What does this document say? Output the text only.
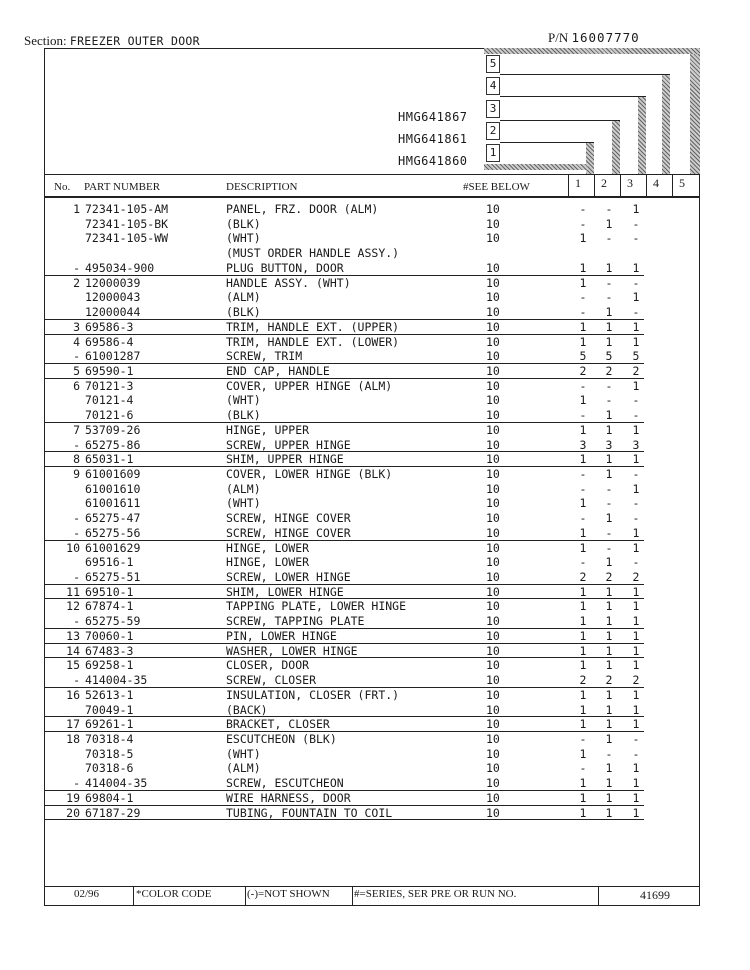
Section: FREEZER OUTER DOOR	P/N 16007770
5
4
3
2
1
HMG641867
HMG641861
HMG641860
No. PART NUMBER	DESCRIPTION	#SEE BELOW	1 2 3 4 5
1 72341-105-AM	PANEL, FRZ. DOOR (ALM)	10	-	-	1
72341-105-BK	(BLK)	10	-	1	-
72341-105-WW	(WHT)	10	1	-	-
(MUST ORDER HANDLE ASSY.)
- 495034-900	PLUG BUTTON, DOOR	10	1	1	1
2 12000039	HANDLE ASSY. (WHT)	10	1	-	-
12000043	(ALM)	10	-	-	1
12000044	(BLK)	10	-	1	-
3 69586-3	TRIM, HANDLE EXT. (UPPER)	10	1	1	1
4 69586-4	TRIM, HANDLE EXT. (LOWER)	10	1	1	1
- 61001287	SCREW, TRIM	10	5	5	5
5 69590-1	END CAP, HANDLE	10	2	2	2
6 70121-3	COVER, UPPER HINGE (ALM)	10	-	-	1
70121-4	(WHT)	10	1	-	-
70121-6	(BLK)	10	-	1	-
7 53709-26	HINGE, UPPER	10	1	1	1
- 65275-86	SCREW, UPPER HINGE	10	3	3	3
8 65031-1	SHIM, UPPER HINGE	10	1	1	1
9 61001609	COVER, LOWER HINGE (BLK)	10	-	1	-
61001610	(ALM)	10	-	-	1
61001611	(WHT)	10	1	-	-
- 65275-47	SCREW, HINGE COVER	10	-	1	-
- 65275-56	SCREW, HINGE COVER	10	1	-	1
10 61001629	HINGE, LOWER	10	1	-	1
69516-1	HINGE, LOWER	10	-	1	-
- 65275-51	SCREW, LOWER HINGE	10	2	2	2
11 69510-1	SHIM, LOWER HINGE	10	1	1	1
12 67874-1	TAPPING PLATE, LOWER HINGE	10	1	1	1
- 65275-59	SCREW, TAPPING PLATE	10	1	1	1
13 70060-1	PIN, LOWER HINGE	10	1	1	1
14 67483-3	WASHER, LOWER HINGE	10	1	1	1
15 69258-1	CLOSER, DOOR	10	1	1	1
- 414004-35	SCREW, CLOSER	10	2	2	2
16 52613-1	INSULATION, CLOSER (FRT.)	10	1	1	1
70049-1	(BACK)	10	1	1	1
17 69261-1	BRACKET, CLOSER	10	1	1	1
18 70318-4	ESCUTCHEON (BLK)	10	-	1	-
70318-5	(WHT)	10	1	-	-
70318-6	(ALM)	10	-	1	1
- 414004-35	SCREW, ESCUTCHEON	10	1	1	1
19 69804-1	WIRE HARNESS, DOOR	10	1	1	1
20 67187-29	TUBING, FOUNTAIN TO COIL	10	1	1	1
02/96	*COLOR CODE	(-)=NOT SHOWN #=SERIES, SER PRE OR RUN NO.	41699
